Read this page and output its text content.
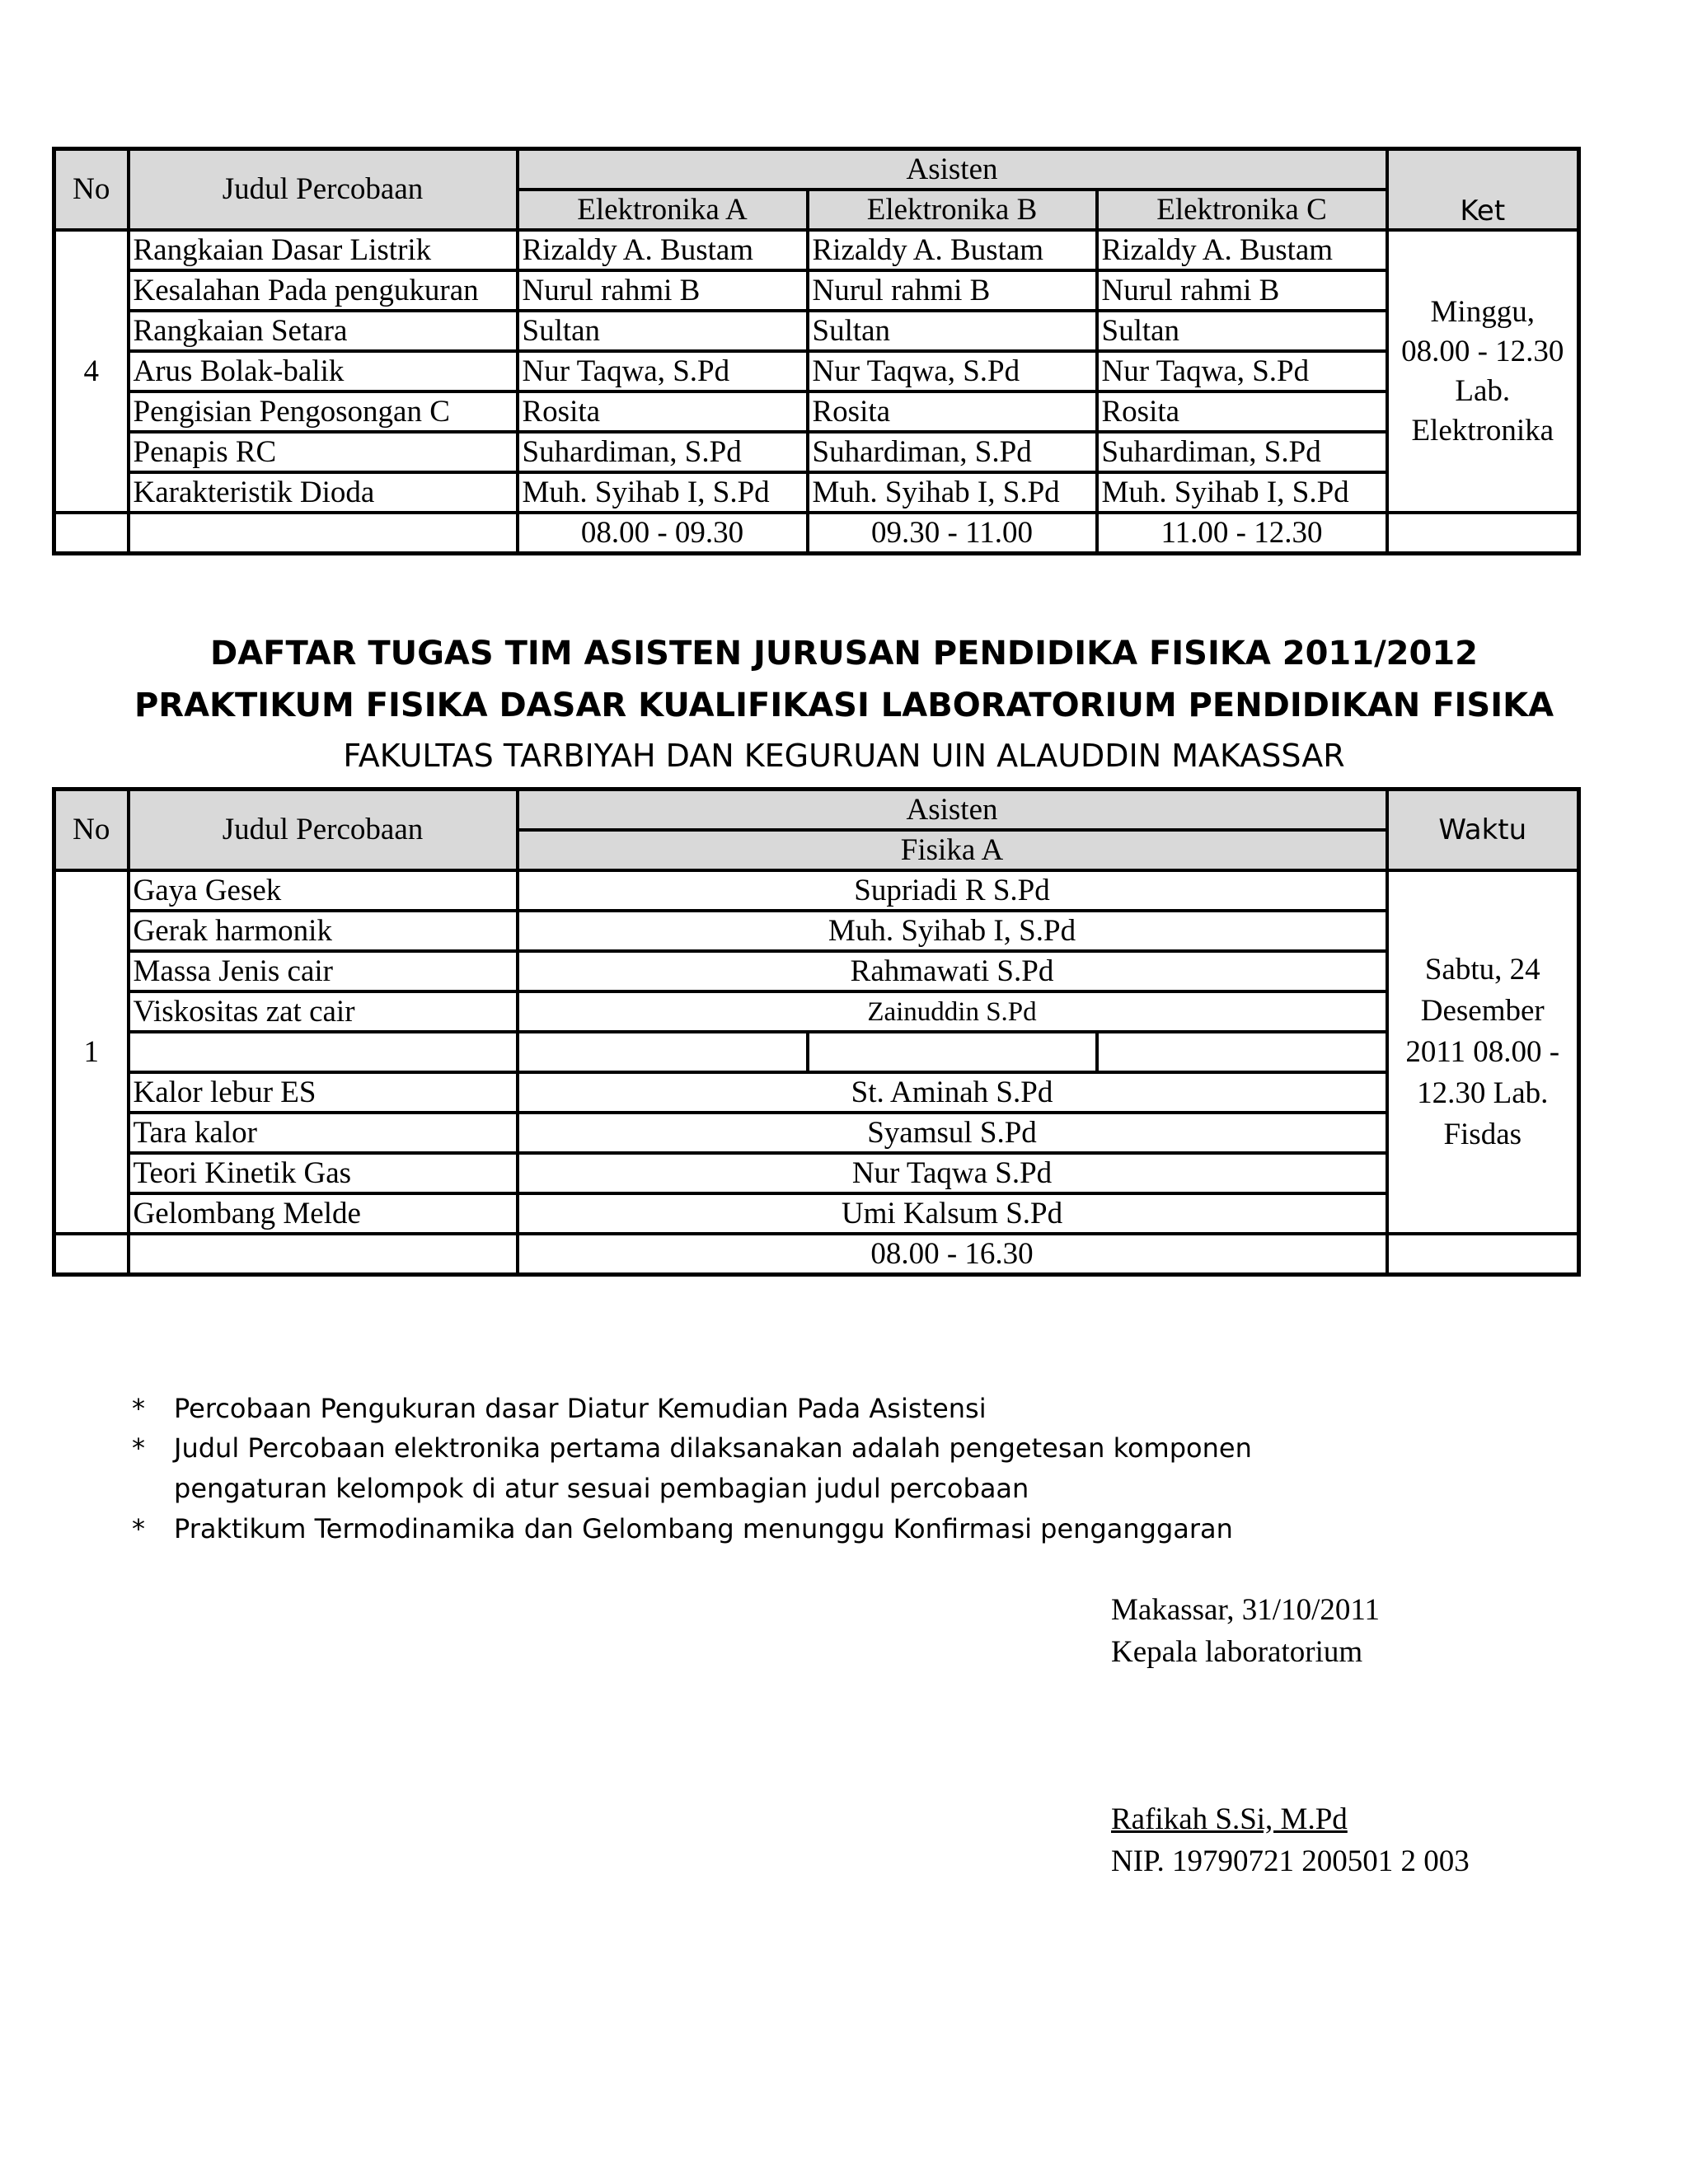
No	Judul Percobaan	Asisten			Ket
		Elektronika A	Elektronika B	Elektronika C	
4	Rangkaian Dasar Listrik	Rizaldy A. Bustam	Rizaldy A. Bustam	Rizaldy A. Bustam	Minggu,
08.00 - 12.30
Lab.
Elektronika

	Kesalahan Pada pengukuran	Nurul rahmi B	Nurul rahmi B	Nurul rahmi B	
	Rangkaian Setara	Sultan	Sultan	Sultan	
	Arus Bolak-balik	Nur Taqwa, S.Pd	Nur Taqwa, S.Pd	Nur Taqwa, S.Pd	
	Pengisian Pengosongan C	Rosita	Rosita	Rosita	
	Penapis RC	Suhardiman, S.Pd	Suhardiman, S.Pd	Suhardiman, S.Pd	
	Karakteristik Dioda	Muh. Syihab I, S.Pd	Muh. Syihab I, S.Pd	Muh. Syihab I, S.Pd	
		08.00 - 09.30	09.30 - 11.00	11.00 - 12.30	
DAFTAR TUGAS TIM ASISTEN JURUSAN PENDIDIKA FISIKA 2011/2012
PRAKTIKUM FISIKA DASAR KUALIFIKASI LABORATORIUM PENDIDIKAN FISIKA
FAKULTAS TARBIYAH DAN KEGURUAN UIN ALAUDDIN MAKASSAR
No	Judul Percobaan	Asisten			Waktu
		Fisika A			
1	Gaya Gesek	Supriadi R S.Pd			Sabtu, 24
Desember
2011 08.00 -
12.30 Lab.
Fisdas

	Gerak harmonik	Muh. Syihab I, S.Pd			
	Massa Jenis cair	Rahmawati S.Pd			
	Viskositas zat cair	Zainuddin S.Pd			

	Kalor lebur ES	St. Aminah S.Pd			
	Tara kalor	Syamsul S.Pd			
	Teori Kinetik Gas	Nur Taqwa S.Pd			
	Gelombang Melde	Umi Kalsum S.Pd			
		08.00 - 16.30			
* Percobaan Pengukuran dasar Diatur Kemudian Pada Asistensi
* Judul Percobaan elektronika pertama dilaksanakan adalah pengetesan komponen
pengaturan kelompok di atur sesuai pembagian judul percobaan
* Praktikum Termodinamika dan Gelombang menunggu Konfirmasi penganggaran
Makassar, 31/10/2011
Kepala laboratorium
Rafikah S.Si, M.Pd
NIP. 19790721 200501 2 003
